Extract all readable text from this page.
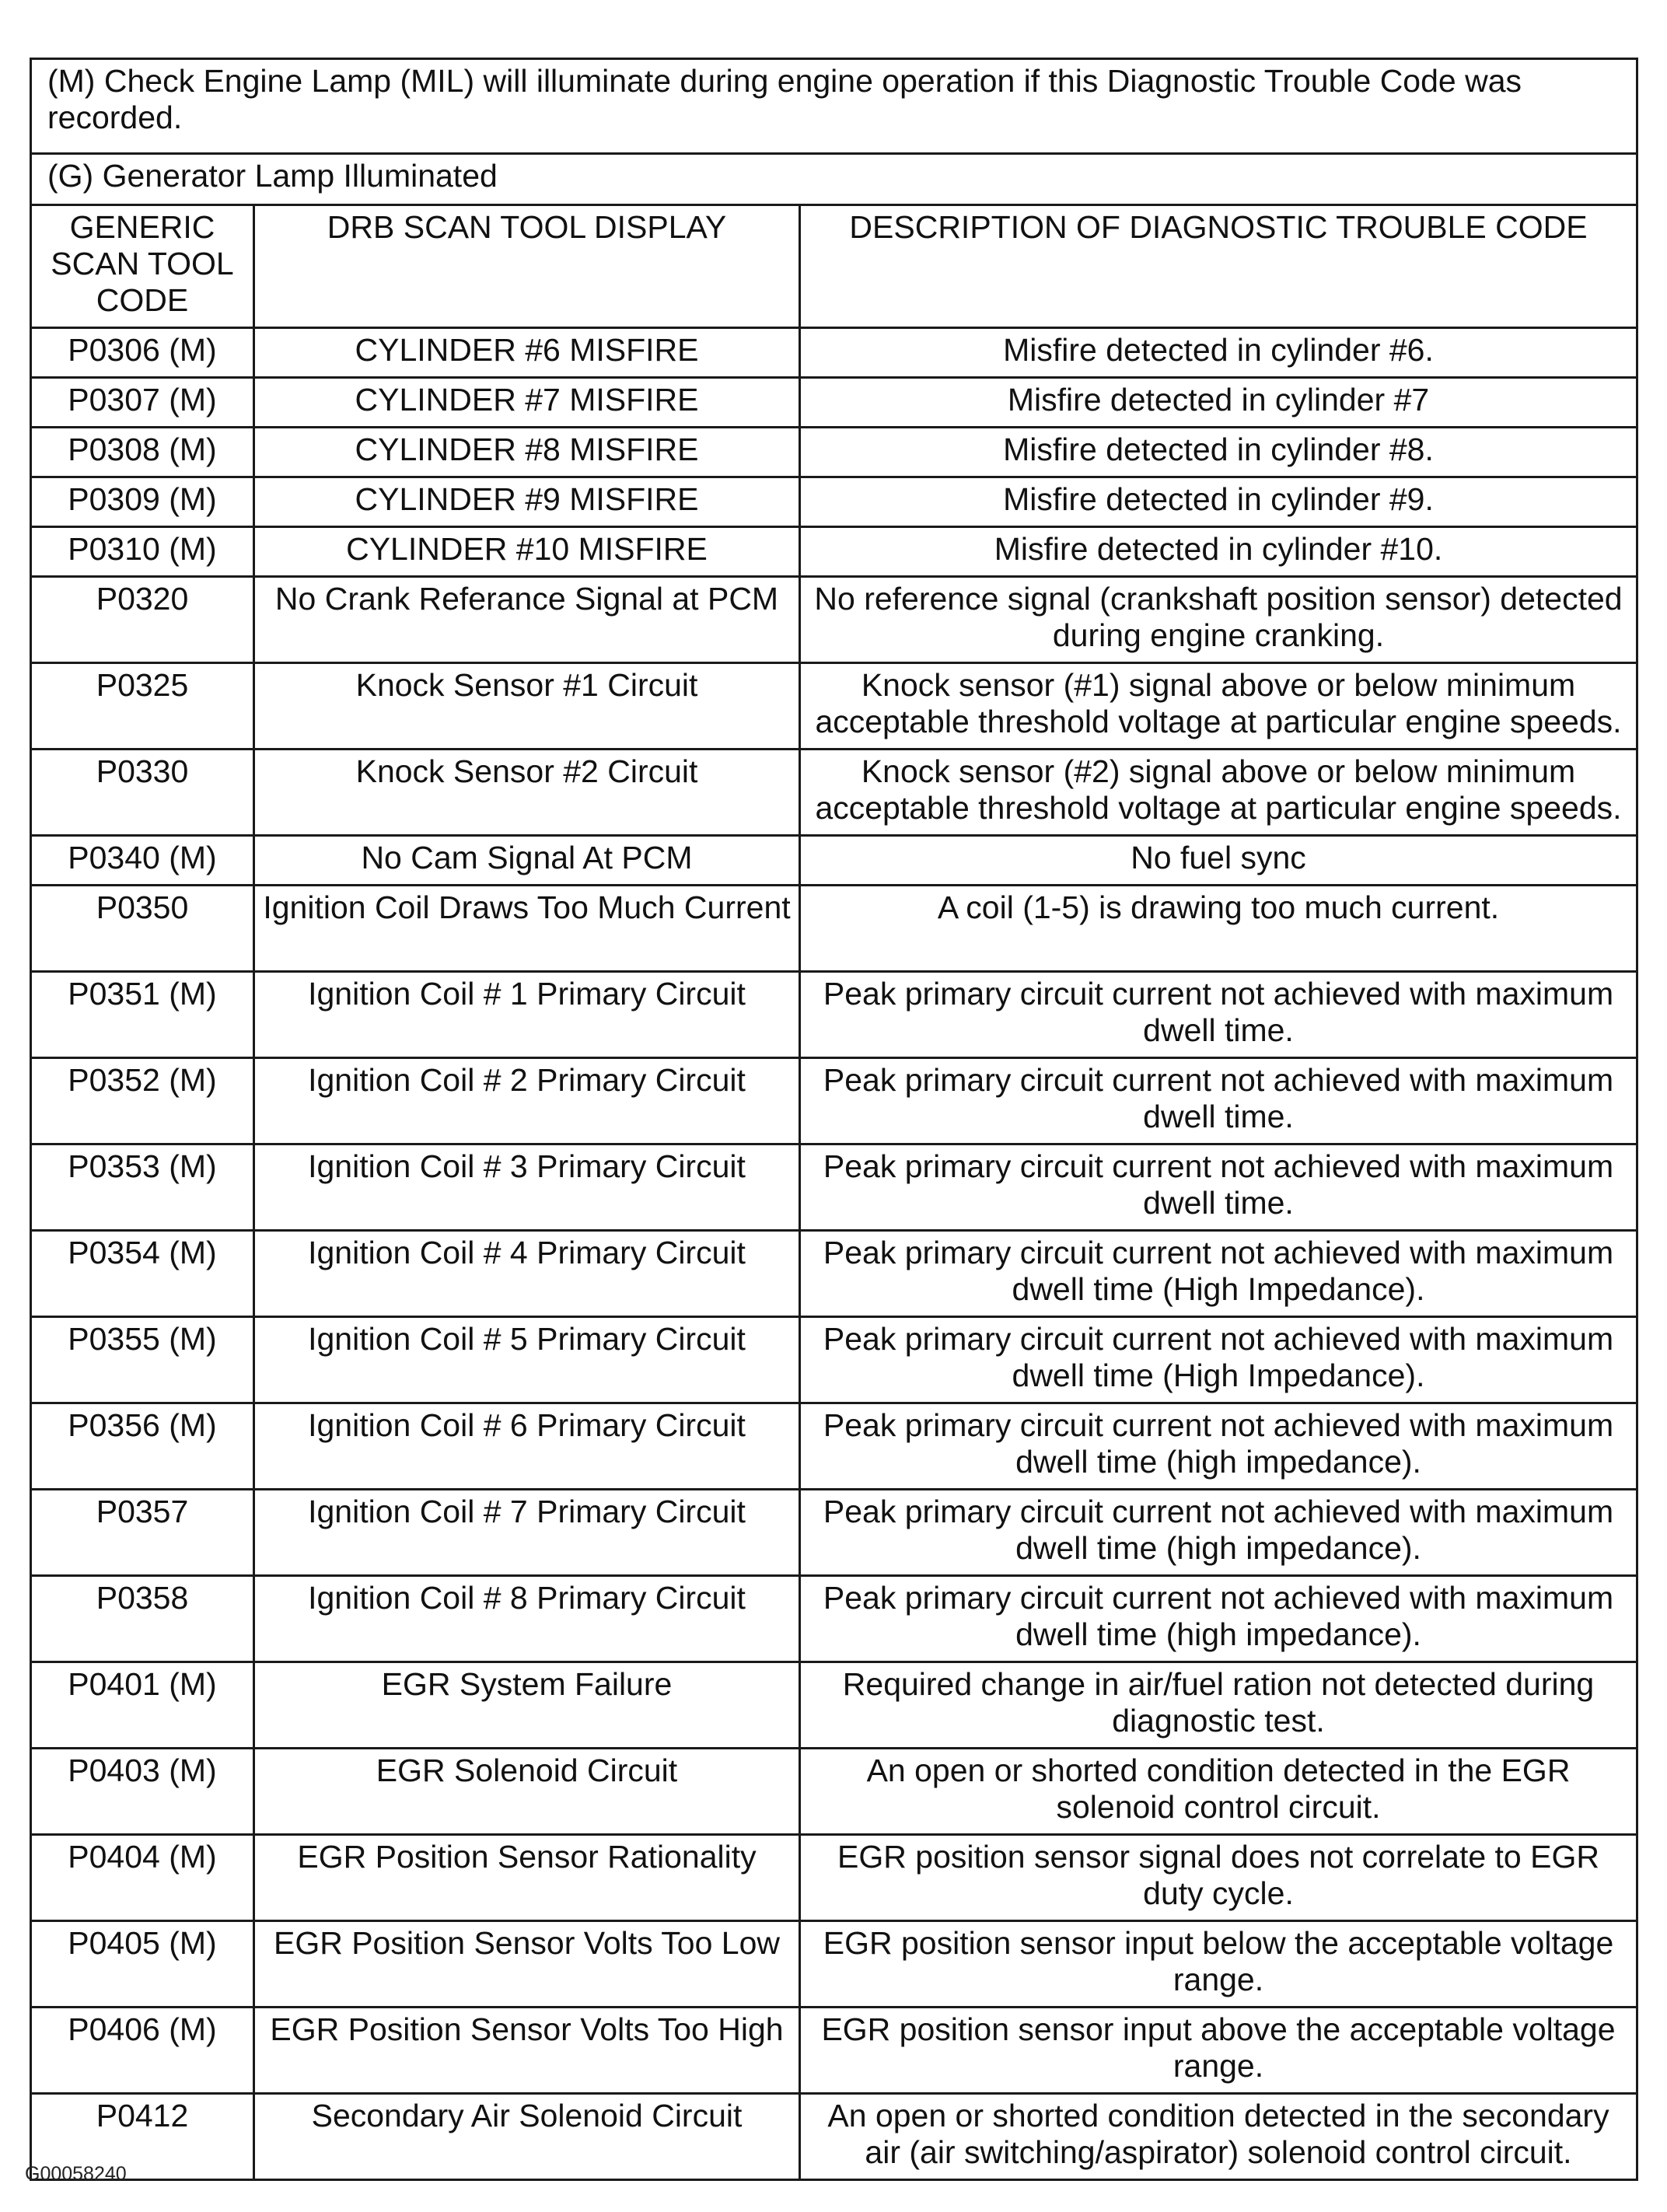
(M) Check Engine Lamp (MIL) will illuminate during engine operation if this Diagnostic Trouble Code was recorded.		
(G) Generator Lamp Illuminated		
GENERIC SCAN TOOL CODE	DRB SCAN TOOL DISPLAY	DESCRIPTION OF DIAGNOSTIC TROUBLE CODE
P0306 (M)	CYLINDER #6 MISFIRE	Misfire detected in cylinder #6.
P0307 (M)	CYLINDER #7 MISFIRE	Misfire detected in cylinder #7
P0308 (M)	CYLINDER #8 MISFIRE	Misfire detected in cylinder #8.
P0309 (M)	CYLINDER #9 MISFIRE	Misfire detected in cylinder #9.
P0310 (M)	CYLINDER #10 MISFIRE	Misfire detected in cylinder #10.
P0320	No Crank Referance Signal at PCM	No reference signal (crankshaft position sensor) detected during engine cranking.
P0325	Knock Sensor #1 Circuit	Knock sensor (#1) signal above or below minimum acceptable threshold voltage at particular engine speeds.
P0330	Knock Sensor #2 Circuit	Knock sensor (#2) signal above or below minimum acceptable threshold voltage at particular engine speeds.
P0340 (M)	No Cam Signal At PCM	No fuel sync
P0350	Ignition Coil Draws Too Much Current	A coil (1-5) is drawing too much current.
P0351 (M)	Ignition Coil # 1 Primary Circuit	Peak primary circuit current not achieved with maximum dwell time.
P0352 (M)	Ignition Coil # 2 Primary Circuit	Peak primary circuit current not achieved with maximum dwell time.
P0353 (M)	Ignition Coil # 3 Primary Circuit	Peak primary circuit current not achieved with maximum dwell time.
P0354 (M)	Ignition Coil # 4 Primary Circuit	Peak primary circuit current not achieved with maximum dwell time (High Impedance).
P0355 (M)	Ignition Coil # 5 Primary Circuit	Peak primary circuit current not achieved with maximum dwell time (High Impedance).
P0356 (M)	Ignition Coil # 6 Primary Circuit	Peak primary circuit current not achieved with maximum dwell time (high impedance).
P0357	Ignition Coil # 7 Primary Circuit	Peak primary circuit current not achieved with maximum dwell time (high impedance).
P0358	Ignition Coil # 8 Primary Circuit	Peak primary circuit current not achieved with maximum dwell time (high impedance).
P0401 (M)	EGR System Failure	Required change in air/fuel ration not detected during diagnostic test.
P0403 (M)	EGR Solenoid Circuit	An open or shorted condition detected in the EGR solenoid control circuit.
P0404 (M)	EGR Position Sensor Rationality	EGR position sensor signal does not correlate to EGR duty cycle.
P0405 (M)	EGR Position Sensor Volts Too Low	EGR position sensor input below the acceptable voltage range.
P0406 (M)	EGR Position Sensor Volts Too High	EGR position sensor input above the acceptable voltage range.
P0412	Secondary Air Solenoid Circuit	An open or shorted condition detected in the secondary air (air switching/aspirator) solenoid control circuit.
G00058240
